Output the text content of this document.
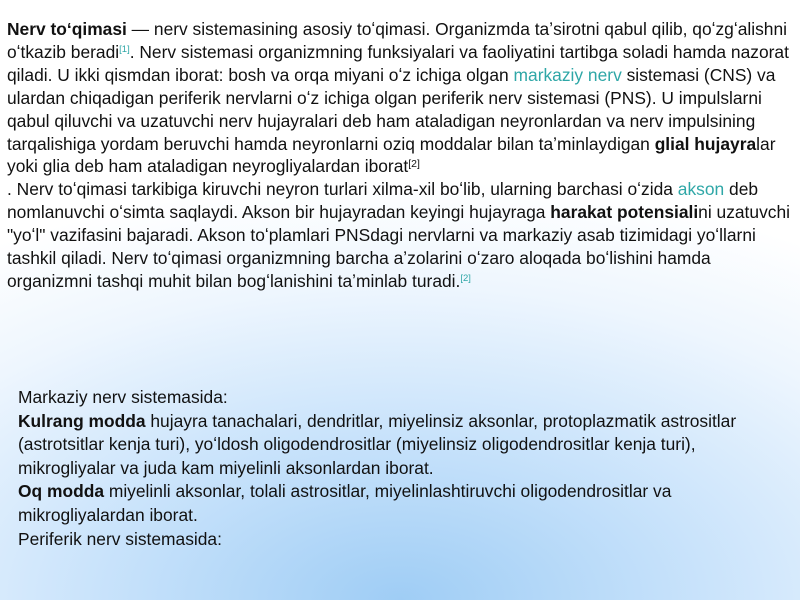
Nerv toʻqimasi — nerv sistemasining asosiy toʻqimasi. Organizmda taʼsirotni qabul qilib, qoʻzgʻalishni oʻtkazib beradi[1]. Nerv sistemasi organizmning funksiyalari va faoliyatini tartibga soladi hamda nazorat qiladi. U ikki qismdan iborat: bosh va orqa miyani oʻz ichiga olgan markaziy nerv sistemasi (CNS) va ulardan chiqadigan periferik nervlarni oʻz ichiga olgan periferik nerv sistemasi (PNS). U impulslarni qabul qiluvchi va uzatuvchi nerv hujayralari deb ham ataladigan neyronlardan va nerv impulsining tarqalishiga yordam beruvchi hamda neyronlarni oziq moddalar bilan taʼminlaydigan glial hujayralar yoki glia deb ham ataladigan neyrogliyalardan iborat[2]
. Nerv toʻqimasi tarkibiga kiruvchi neyron turlari xilma-xil boʻlib, ularning barchasi oʻzida akson deb nomlanuvchi oʻsimta saqlaydi. Akson bir hujayradan keyingi hujayraga harakat potensialini uzatuvchi "yoʻl" vazifasini bajaradi. Akson toʻplamlari PNSdagi nervlarni va markaziy asab tizimidagi yoʻllarni tashkil qiladi. Nerv toʻqimasi organizmning barcha aʼzolarini oʻzaro aloqada boʻlishini hamda organizmni tashqi muhit bilan bogʻlanishini taʼminlab turadi.[2]
Markaziy nerv sistemasida:
Kulrang modda hujayra tanachalari, dendritlar, miyelinsiz aksonlar, protoplazmatik astrositlar (astrotsitlar kenja turi), yoʻldosh oligodendrositlar (miyelinsiz oligodendrositlar kenja turi), mikrogliyalar va juda kam miyelinli aksonlardan iborat.
Oq modda miyelinli aksonlar, tolali astrositlar, miyelinlashtiruvchi oligodendrositlar va mikrogliyalardan iborat.
Periferik nerv sistemasida:
